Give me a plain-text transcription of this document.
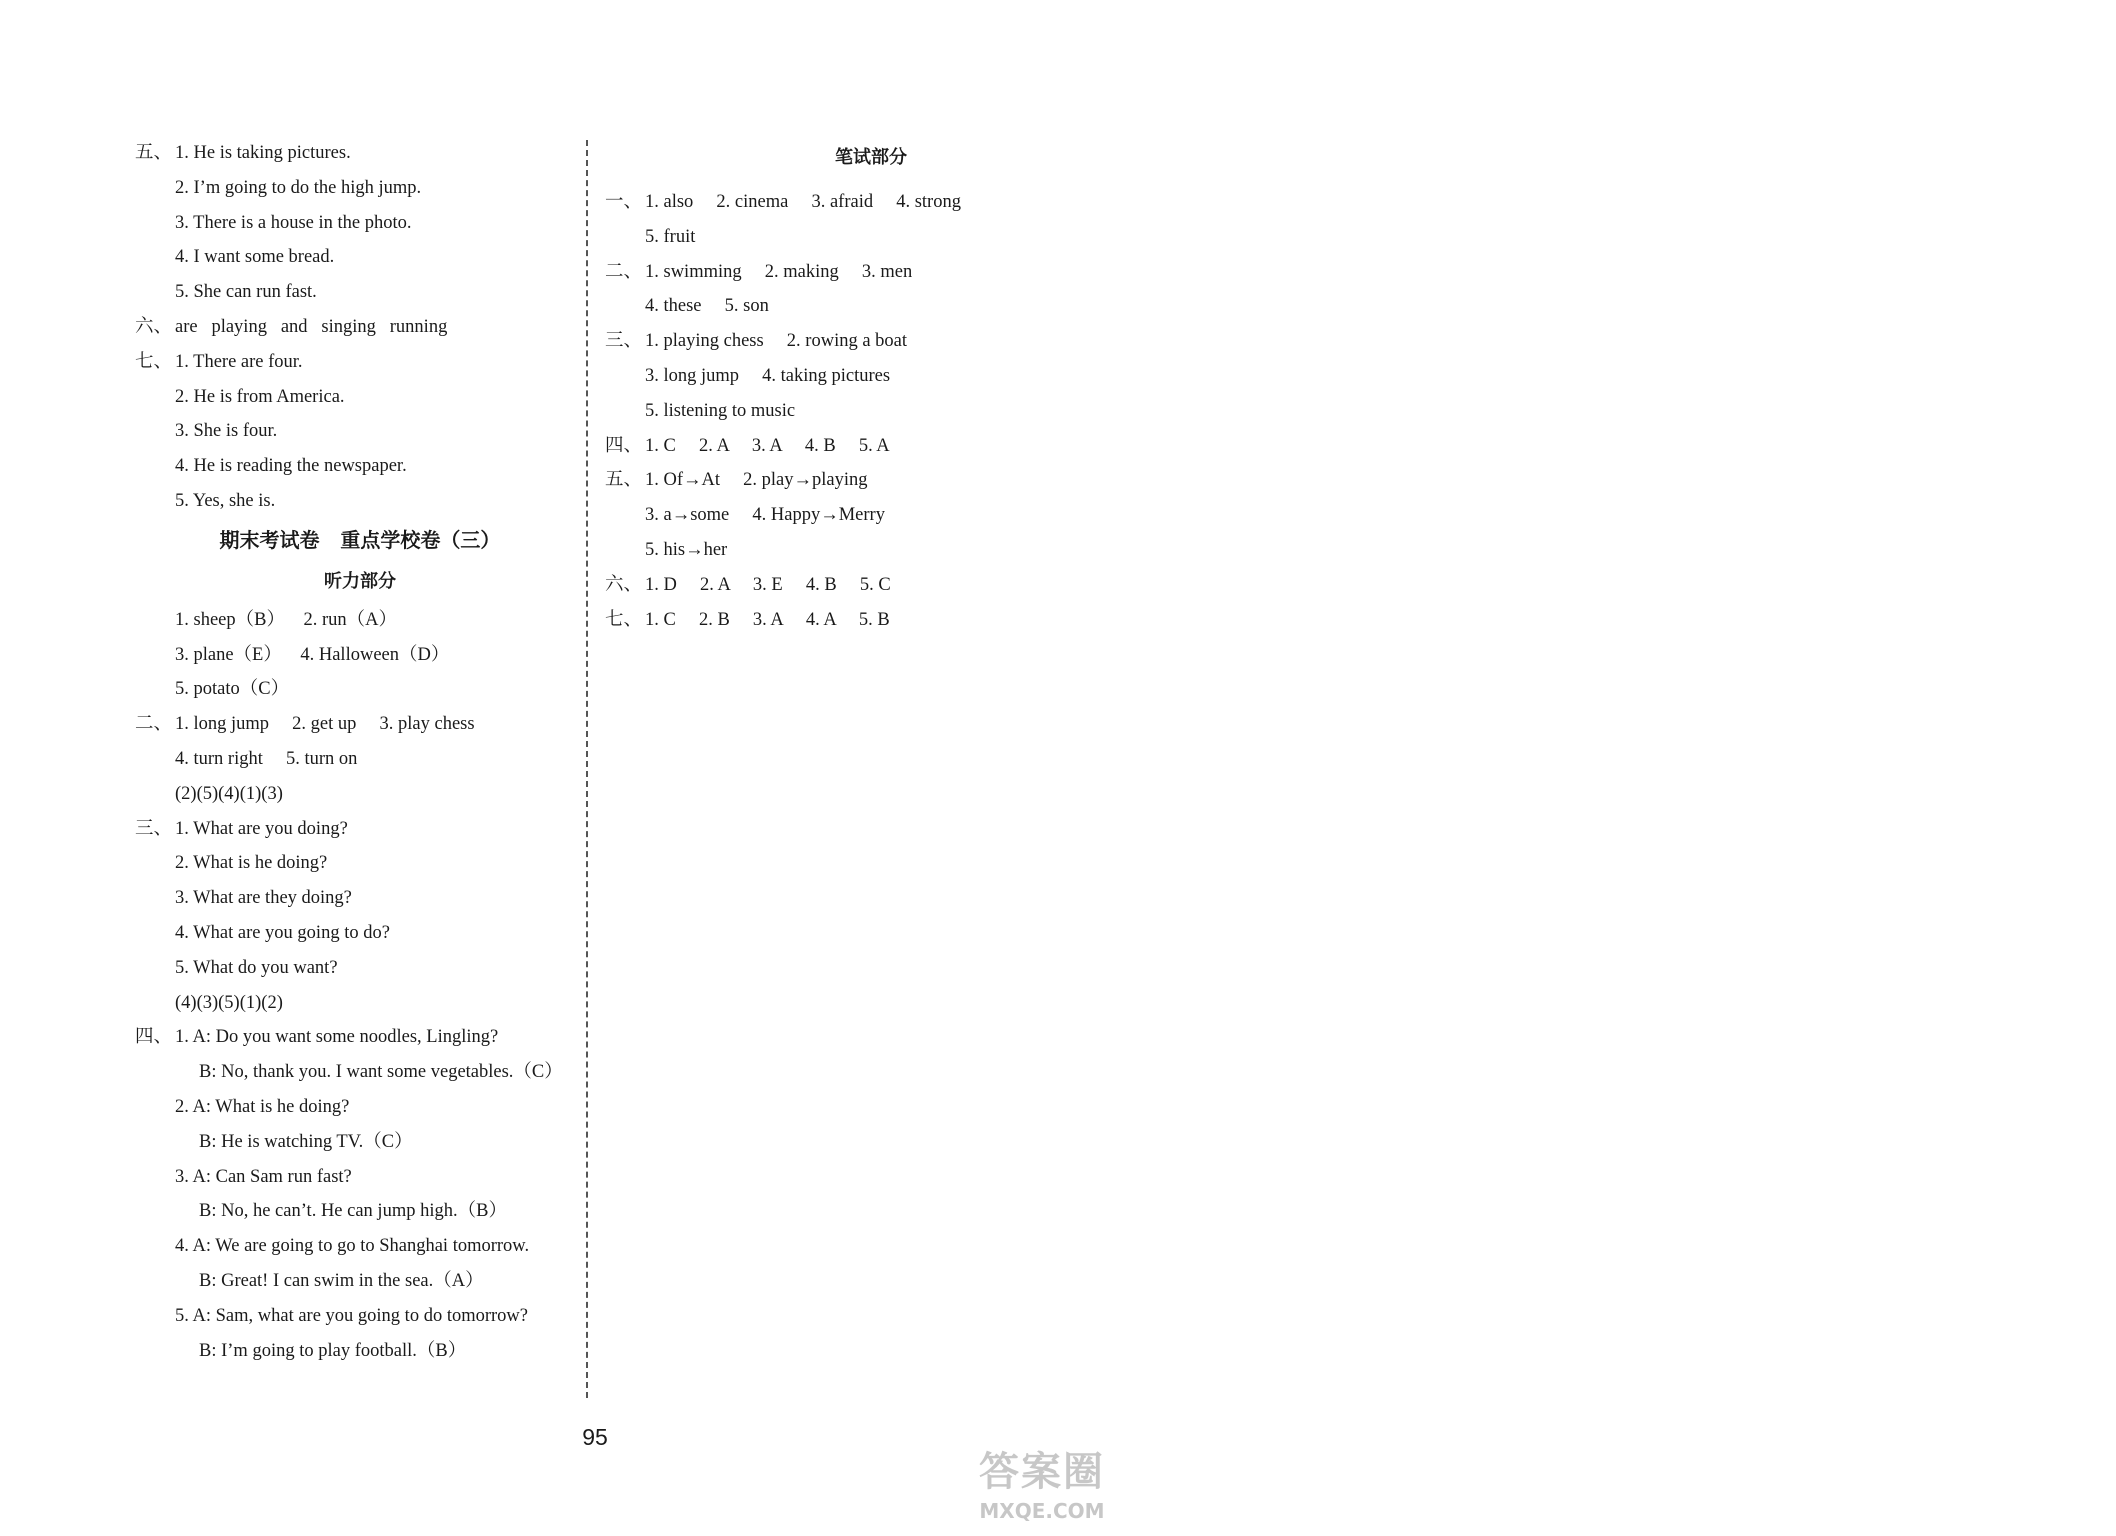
五、

1. He is taking pictures.

2. I’m going to do the high jump.
3. There is a house in the photo.
4. I want some bread.
5. She can run fast.

六、

are   playing   and   singing   running

七、

1. There are four.

2. He is from America.
3. She is four.
4. He is reading the newspaper.
5. Yes, she is.
期末考试卷   重点学校卷（三）
听力部分
1. sheep（B）    2. run（A）
3. plane（E）    4. Halloween（D）
5. potato（C）

二、

1. long jump     2. get up     3. play chess

4. turn right     5. turn on
(2)(5)(4)(1)(3)

三、

1. What are you doing?

2. What is he doing?
3. What are they doing?
4. What are you going to do?
5. What do you want?
(4)(3)(5)(1)(2)

四、

1. A: Do you want some noodles, Lingling?

B: No, thank you. I want some vegetables.（C）
2. A: What is he doing?
B: He is watching TV.（C）
3. A: Can Sam run fast?
B: No, he can’t. He can jump high.（B）
4. A: We are going to go to Shanghai tomorrow.
B: Great! I can swim in the sea.（A）
5. A: Sam, what are you going to do tomorrow?
B: I’m going to play football.（B）
笔试部分

一、

1. also     2. cinema     3. afraid     4. strong

5. fruit

二、

1. swimming     2. making     3. men

4. these     5. son

三、

1. playing chess     2. rowing a boat

3. long jump     4. taking pictures
5. listening to music

四、

1. C     2. A     3. A     4. B     5. A

五、

1. Of→At     2. play→playing

3. a→some     4. Happy→Merry
5. his→her

六、

1. D     2. A     3. E     4. B     5. C

七、

1. C     2. B     3. A     4. A     5. B

95
答案圈
MXQE.COM
